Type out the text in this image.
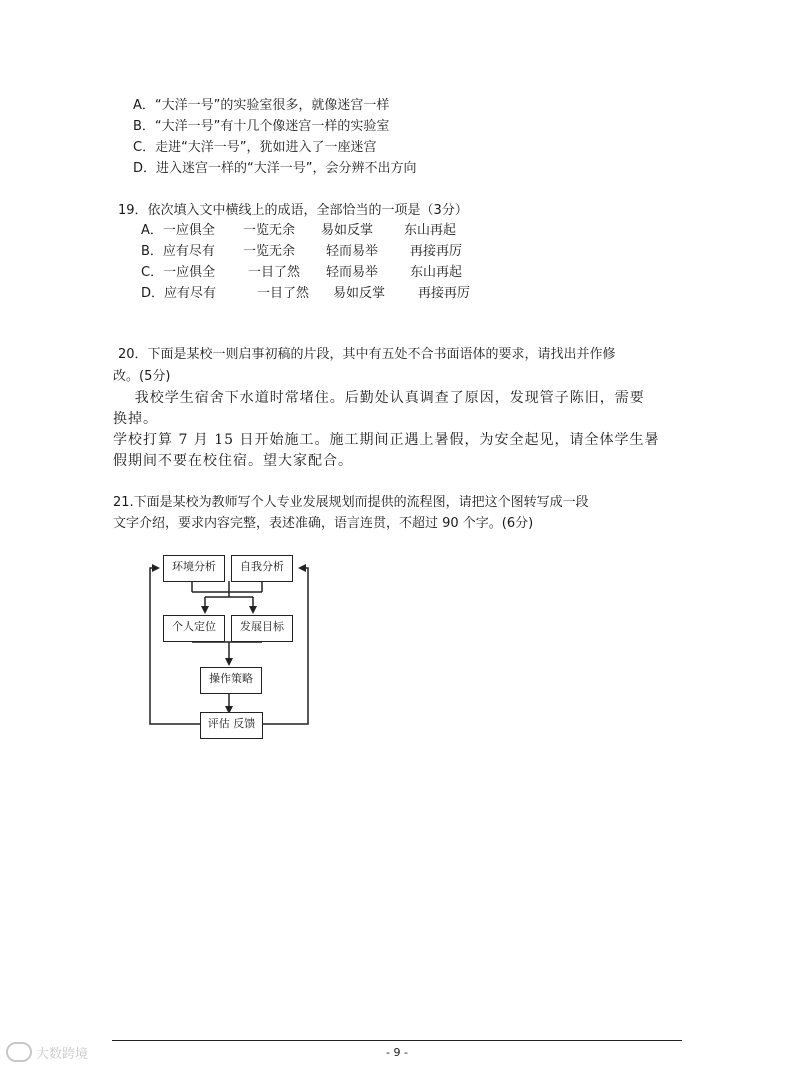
A．“大洋一号”的实验室很多，就像迷宫一样
B．“大洋一号”有十几个像迷宫一样的实验室
C．走进“大洋一号”，犹如进入了一座迷宫
D．进入迷宫一样的“大洋一号”，会分辨不出方向
19．依次填入文中横线上的成语，全部恰当的一项是（3分）
A．一应俱全 一览无余 易如反掌 东山再起
B．应有尽有 一览无余 轻而易举 再接再厉
C．一应俱全	一目了然 轻而易举 东山再起
D．应有尽有	一目了然 易如反掌	再接再厉
20．下面是某校一则启事初稿的片段，其中有五处不合书面语体的要求，请找出并作修
改。(5分)
我校学生宿舍下水道时常堵住。后勤处认真调查了原因，发现管子陈旧，需要
换掉。
学校打算 7 月 15 日开始施工。施工期间正遇上暑假，为安全起见，请全体学生暑
假期间不要在校住宿。望大家配合。
21.下面是某校为教师写个人专业发展规划而提供的流程图，请把这个图转写成一段
文字介绍，要求内容完整，表述准确，语言连贯，不超过 90 个字。(6分)
环境分析	自我分析
个人定位	发展目标
操作策略
评估 反馈
- 9 -
大数跨境
